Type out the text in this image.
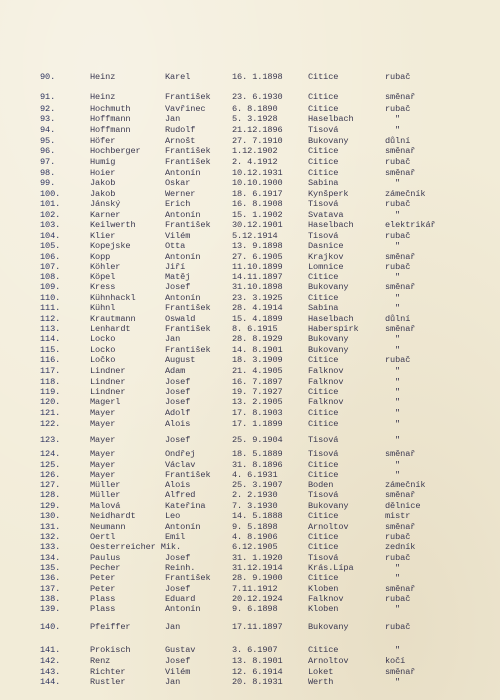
90.	Heinz	Karel	16. 1.1898	Citice	rubač
91.	Heinz	František	23. 6.1930	Citice	směnař
92.	Hochmuth	Vavřinec	6. 8.1890	Citice	rubač
93.	Hoffmann	Jan	5. 3.1928	Haselbach	"
94.	Hoffmann	Rudolf	21.12.1896	Tisová	"
95.	Höfer	Arnošt	27. 7.1910	Bukovany	důlní
96.	Hochberger	František	1.12.1902	Citice	směnař
97.	Humig	František	2. 4.1912	Citice	rubač
98.	Hoier	Antonín	10.12.1931	Citice	směnař
99.	Jakob	Oskar	10.10.1900	Sabina	"
100.	Jakob	Werner	18. 6.1917	Kynšperk	zámečník
101.	Jánský	Erich	16. 8.1908	Tisová	rubač
102.	Karner	Antonín	15. 1.1902	Svatava	"
103.	Keilwerth	František	30.12.1901	Haselbach	elektrikář
104.	Klier	Vilém	5.12.1914	Tisová	rubač
105.	Kopejske	Otta	13. 9.1898	Dasnice	"
106.	Kopp	Antonín	27. 6.1905	Krajkov	směnař
107.	Köhler	Jiří	11.10.1899	Lomnice	rubač
108.	Köpel	Matěj	14.11.1897	Citice	"
109.	Kress	Josef	31.10.1898	Bukovany	směnař
110.	Kühnhackl	Antonín	23. 3.1925	Citice	"
111.	Kühnl	František	28. 4.1914	Sabina	"
112.	Krautmann	Oswald	15. 4.1899	Haselbach	důlní
113.	Lenhardt	František	8. 6.1915	Haberspirk	směnař
114.	Locko	Jan	28. 8.1929	Bukovany	"
115.	Locko	František	14. 8.1901	Bukovany	"
116.	Ločko	August	18. 3.1909	Citice	rubač
117.	Lindner	Adam	21. 4.1905	Falknov	"
118.	Lindner	Josef	16. 7.1897	Falknov	"
119.	Lindner	Josef	19. 7.1927	Citice	"
120.	Magerl	Josef	13. 2.1905	Falknov	"
121.	Mayer	Adolf	17. 8.1903	Citice	"
122.	Mayer	Alois	17. 1.1899	Citice	"
123.	Mayer	Josef	25. 9.1904	Tisová	"
124.	Mayer	Ondřej	18. 5.1889	Tisová	směnař
125.	Mayer	Václav	31. 8.1896	Citice	"
126.	Mayer	František	4. 6.1931	Citice	"
127.	Müller	Alois	25. 3.1907	Boden	zámečník
128.	Müller	Alfred	2. 2.1930	Tisová	směnař
129.	Malová	Kateřina	7. 3.1930	Bukovany	dělnice
130.	Neidhardt	Leo	14. 5.1888	Citice	mistr
131.	Neumann	Antonín	9. 5.1898	Arnoltov	směnař
132.	Oertl	Emil	4. 8.1906	Citice	rubač
133.	Oesterreicher Mik.	6.12.1905	Citice	zedník
134.	Paulus	Josef	31. 1.1920	Tisová	rubač
135.	Pecher	Reinh.	31.12.1914	Krás.Lípa	"
136.	Peter	František	28. 9.1900	Citice	"
137.	Peter	Josef	7.11.1912	Kloben	směnař
138.	Plass	Eduard	20.12.1924	Falknov	rubač
139.	Plass	Antonín	9. 6.1898	Kloben	"
140.	Pfeiffer	Jan	17.11.1897	Bukovany	rubač
141.	Prokisch	Gustav	3. 6.1907	Citice	"
142.	Renz	Josef	13. 8.1901	Arnoltov	kočí
143.	Richter	Vilém	12. 6.1914	Loket	směnař
144.	Rustler	Jan	20. 8.1931	Werth	"
